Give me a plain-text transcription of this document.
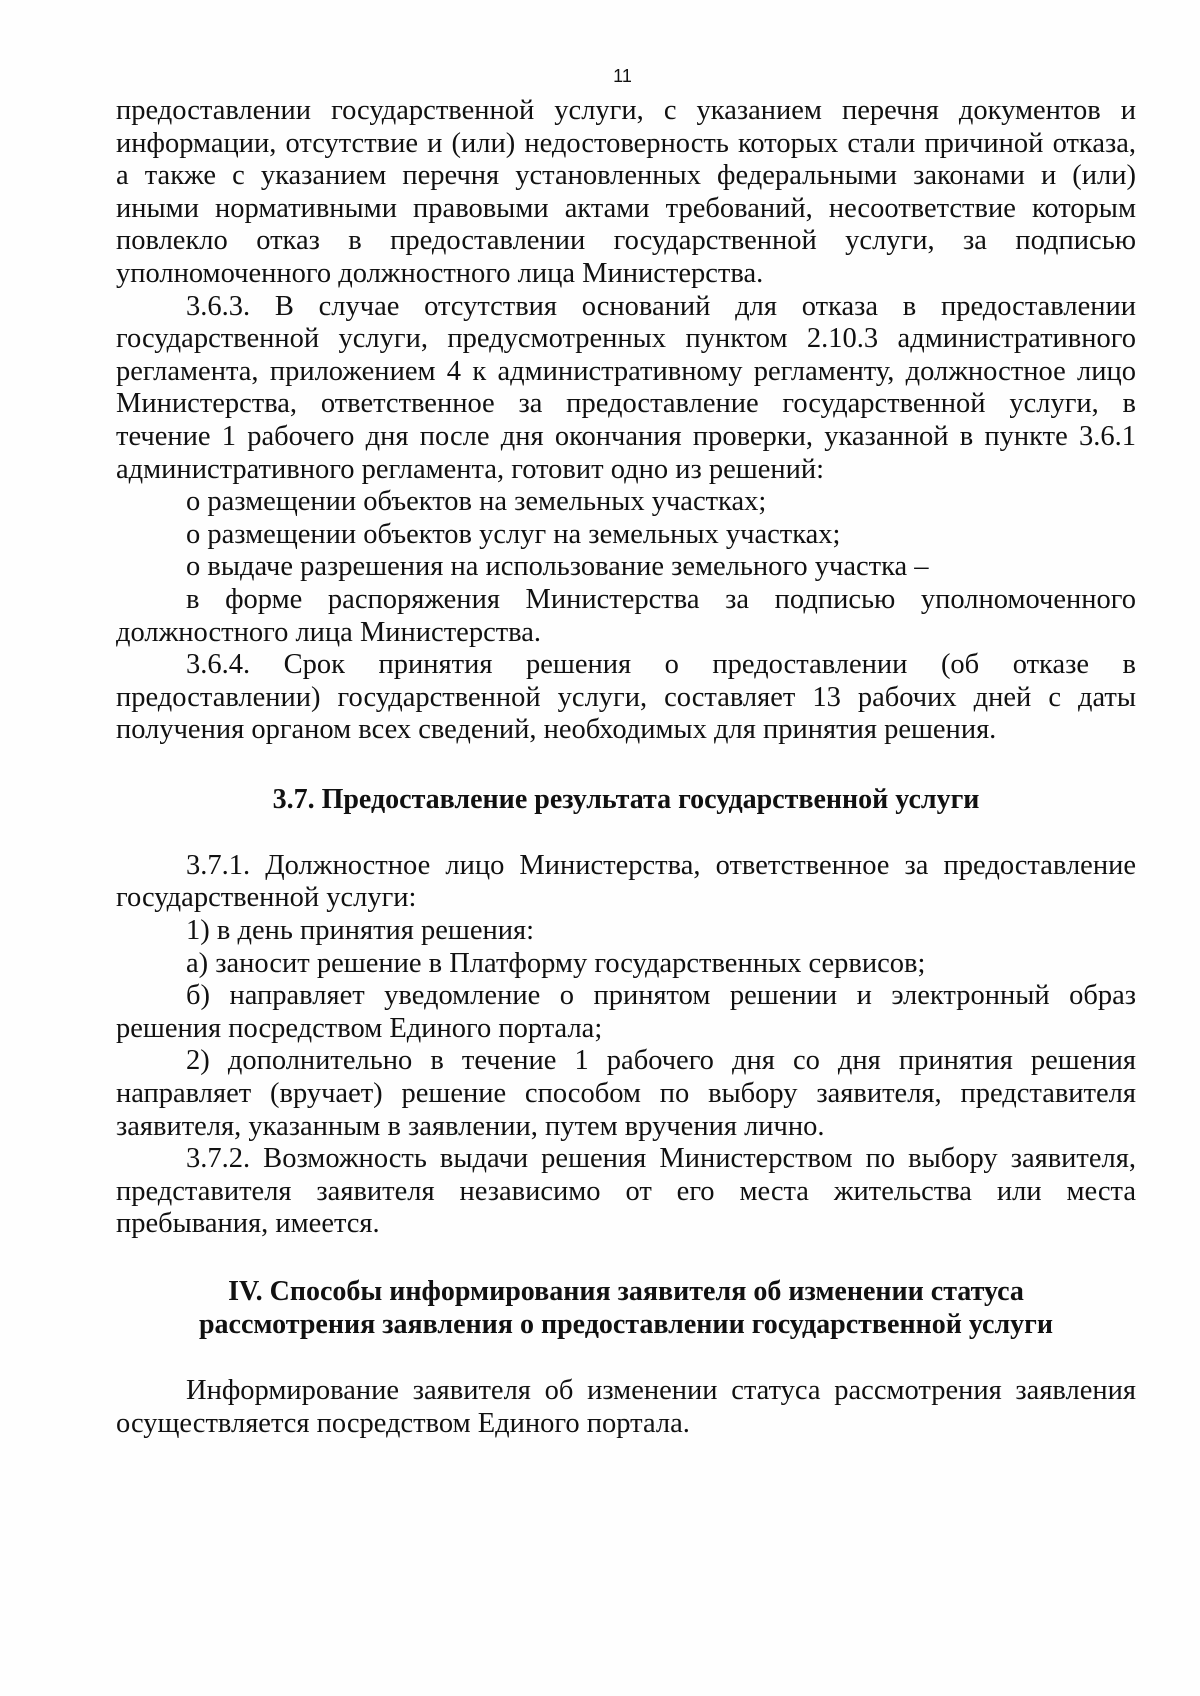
11

предоставлении государственной услуги, с указанием перечня документов и информации, отсутствие и (или) недостоверность которых стали причиной отказа, а также с указанием перечня установленных федеральными законами и (или) иными нормативными правовыми актами требований, несоответствие которым повлекло отказ в предоставлении государственной услуги, за подписью уполномоченного должностного лица Министерства.

3.6.3. В случае отсутствия оснований для отказа в предоставлении государственной услуги, предусмотренных пунктом 2.10.3 административного регламента, приложением 4 к административному регламенту, должностное лицо Министерства, ответственное за предоставление государственной услуги, в течение 1 рабочего дня после дня окончания проверки, указанной в пункте 3.6.1 административного регламента, готовит одно из решений:

о размещении объектов на земельных участках;

о размещении объектов услуг на земельных участках;

о выдаче разрешения на использование земельного участка –

в форме распоряжения Министерства за подписью уполномоченного должностного лица Министерства.

3.6.4. Срок принятия решения о предоставлении (об отказе в предоставлении) государственной услуги, составляет 13 рабочих дней с даты получения органом всех сведений, необходимых для принятия решения.

3.7. Предоставление результата государственной услуги

3.7.1. Должностное лицо Министерства, ответственное за предоставление государственной услуги:

1) в день принятия решения:

а) заносит решение в Платформу государственных сервисов;

б) направляет уведомление о принятом решении и электронный образ решения посредством Единого портала;

2) дополнительно в течение 1 рабочего дня со дня принятия решения направляет (вручает) решение способом по выбору заявителя, представителя заявителя, указанным в заявлении, путем вручения лично.

3.7.2. Возможность выдачи решения Министерством по выбору заявителя, представителя заявителя независимо от его места жительства или места пребывания, имеется.

IV. Способы информирования заявителя об изменении статуса
рассмотрения заявления о предоставлении государственной услуги

Информирование заявителя об изменении статуса рассмотрения заявления осуществляется посредством Единого портала.
